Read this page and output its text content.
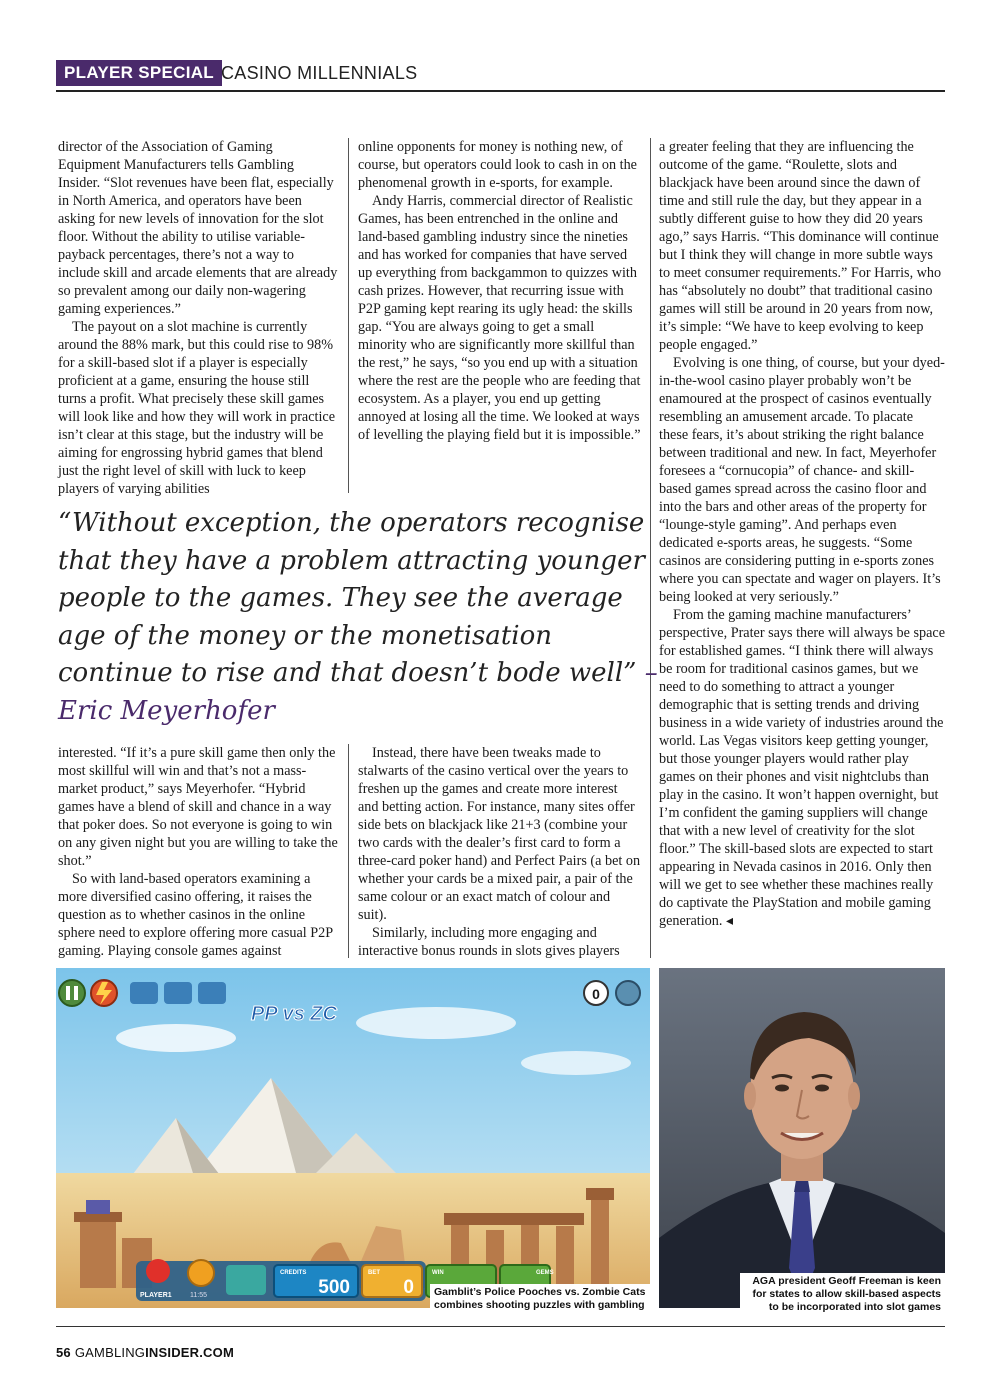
PLAYER SPECIAL CASINO MILLENNIALS

director of the Association of Gaming Equipment Manufacturers tells Gambling Insider. “Slot revenues have been flat, especially in North America, and operators have been asking for new levels of innovation for the slot floor. Without the ability to utilise variable-payback percentages, there’s not a way to include skill and arcade elements that are already so prevalent among our daily non-wagering gaming experiences.”

The payout on a slot machine is currently around the 88% mark, but this could rise to 98% for a skill-based slot if a player is especially proficient at a game, ensuring the house still turns a profit. What precisely these skill games will look like and how they will work in practice isn’t clear at this stage, but the industry will be aiming for engrossing hybrid games that blend just the right level of skill with luck to keep players of varying abilities

online opponents for money is nothing new, of course, but operators could look to cash in on the phenomenal growth in e-sports, for example.

Andy Harris, commercial director of Realistic Games, has been entrenched in the online and land-based gambling industry since the nineties and has worked for companies that have served up everything from backgammon to quizzes with cash prizes. However, that recurring issue with P2P gaming kept rearing its ugly head: the skills gap. “You are always going to get a small minority who are significantly more skillful than the rest,” he says, “so you end up with a situation where the rest are the people who are feeding that ecosystem. As a player, you end up getting annoyed at losing all the time. We looked at ways of levelling the playing field but it is impossible.”

a greater feeling that they are influencing the outcome of the game. “Roulette, slots and blackjack have been around since the dawn of time and still rule the day, but they appear in a subtly different guise to how they did 20 years ago,” says Harris. “This dominance will continue but I think they will change in more subtle ways to meet consumer requirements.” For Harris, who has “absolutely no doubt” that traditional casino games will still be around in 20 years from now, it’s simple: “We have to keep evolving to keep people engaged.”

Evolving is one thing, of course, but your dyed-in-the-wool casino player probably won’t be enamoured at the prospect of casinos eventually resembling an amusement arcade. To placate these fears, it’s about striking the right balance between traditional and new. In fact, Meyerhofer foresees a “cornucopia” of chance- and skill-based games spread across the casino floor and into the bars and other areas of the property for “lounge-style gaming”. And perhaps even dedicated e-sports areas, he suggests. “Some casinos are considering putting in e-sports zones where you can spectate and wager on players. It’s being looked at very seriously.”

From the gaming machine manufacturers’ perspective, Prater says there will always be space for established games. “I think there will always be room for traditional casinos games, but we need to do something to attract a younger demographic that is setting trends and driving business in a wide variety of industries around the world. Las Vegas visitors keep getting younger, but those younger players would rather play games on their phones and visit nightclubs than play in the casino. It won’t happen overnight, but I’m confident the gaming suppliers will change that with a new level of creativity for the slot floor.” The skill-based slots are expected to start appearing in Nevada casinos in 2016. Only then will we get to see whether these machines really do captivate the PlayStation and mobile gaming generation. ◂

“Without exception, the operators recognise that they have a problem attracting younger people to the games. They see the average age of the money or the monetisation continue to rise and that doesn’t bode well” – Eric Meyerhofer

interested. “If it’s a pure skill game then only the most skillful will win and that’s not a mass-market product,” says Meyerhofer. “Hybrid games have a blend of skill and chance in a way that poker does. So not everyone is going to win on any given night but you are willing to take the shot.”

So with land-based operators examining a more diversified casino offering, it raises the question as to whether casinos in the online sphere need to explore offering more casual P2P gaming. Playing console games against

Instead, there have been tweaks made to stalwarts of the casino vertical over the years to freshen up the games and create more interest and betting action. For instance, many sites offer side bets on blackjack like 21+3 (combine your two cards with the dealer’s first card to form a three-card poker hand) and Perfect Pairs (a bet on whether your cards be a mixed pair, a pair of the same colour or an exact match of colour and suit).

Similarly, including more engaging and interactive bonus rounds in slots gives players

PP vs ZC
0
PLAYER1	11:55
CREDITS
500
BET
0
WIN	GEMS
Gamblit’s Police Pooches vs. Zombie Cats combines shooting puzzles with gambling
AGA president Geoff Freeman is keen for states to allow skill-based aspects to be incorporated into slot games
56 GAMBLINGINSIDER.COM
